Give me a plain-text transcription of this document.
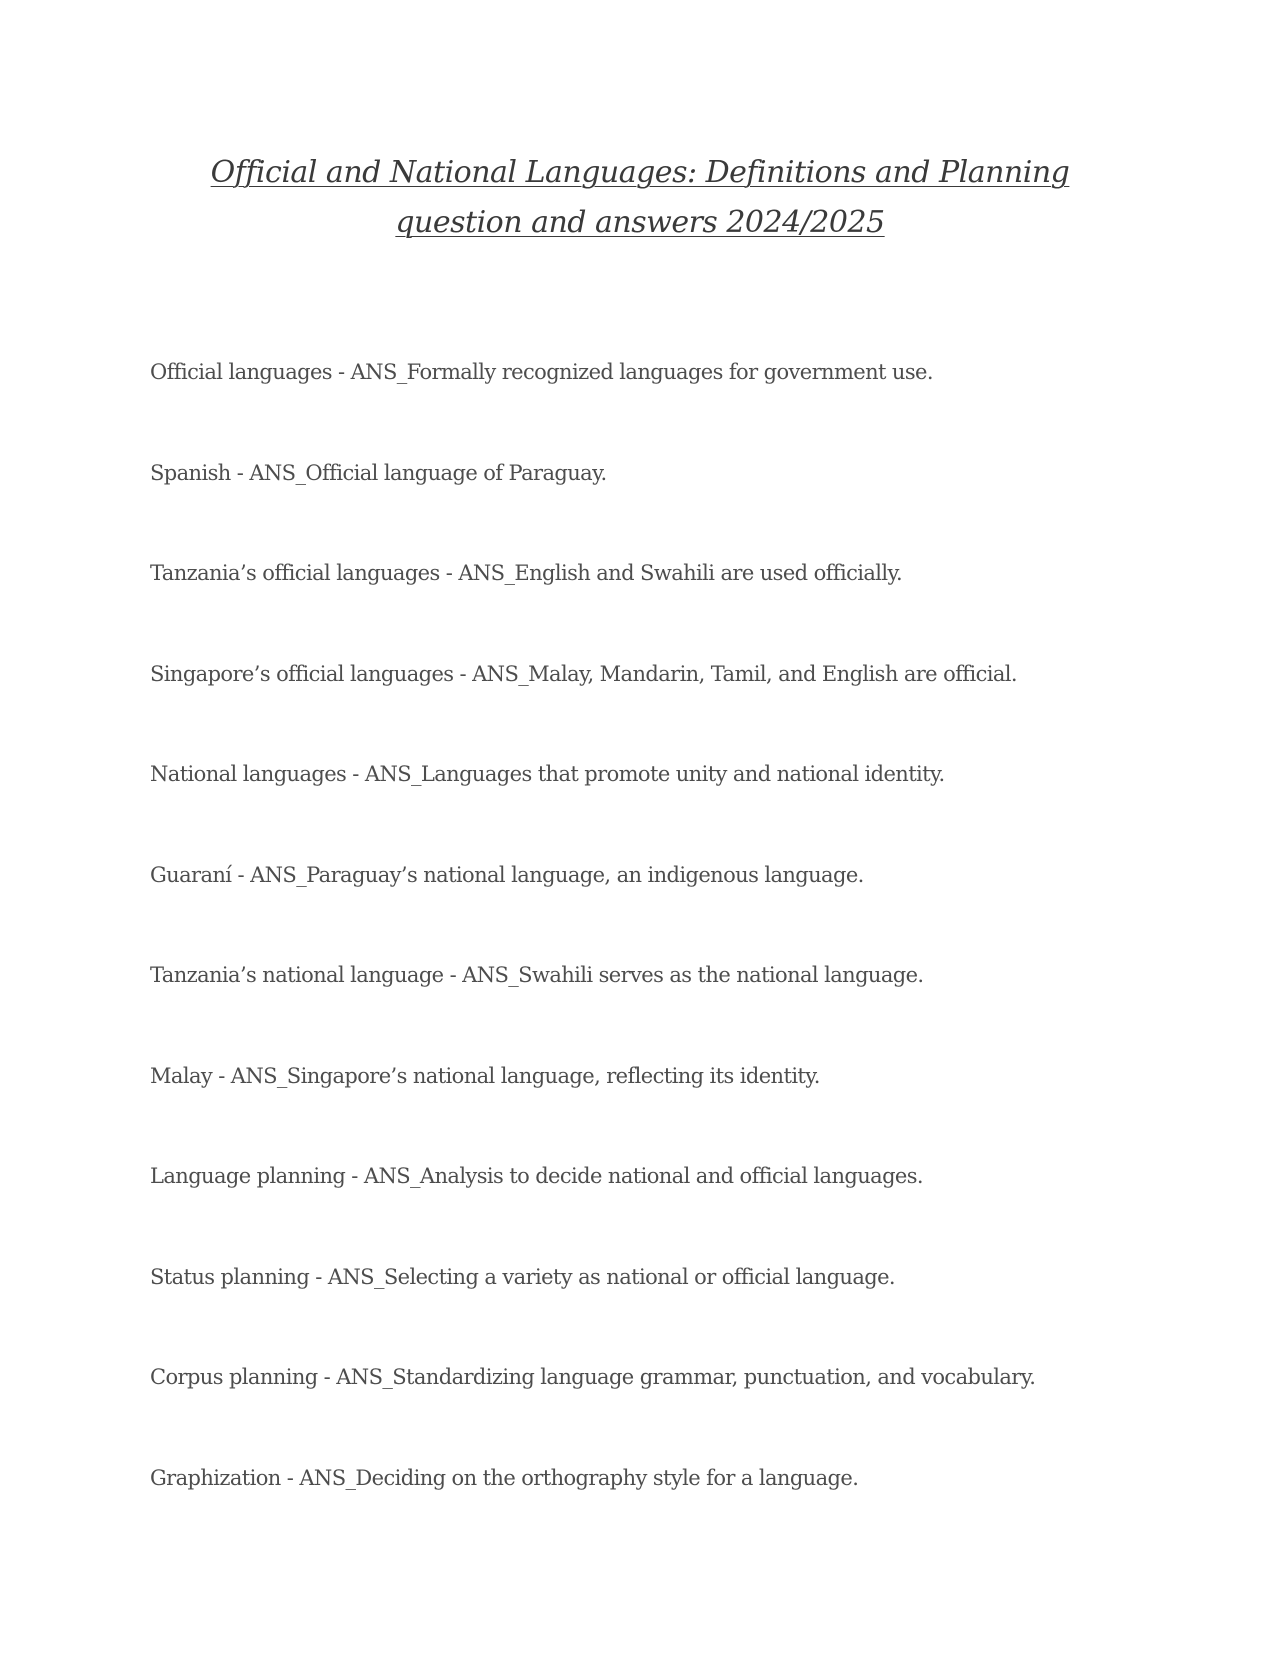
Official and National Languages: Definitions and Planning
question and answers 2024/2025
Official languages - ANS_Formally recognized languages for government use.
Spanish - ANS_Official language of Paraguay.
Tanzania’s official languages - ANS_English and Swahili are used officially.
Singapore’s official languages - ANS_Malay, Mandarin, Tamil, and English are official.
National languages - ANS_Languages that promote unity and national identity.
Guaraní - ANS_Paraguay’s national language, an indigenous language.
Tanzania’s national language - ANS_Swahili serves as the national language.
Malay - ANS_Singapore’s national language, reflecting its identity.
Language planning - ANS_Analysis to decide national and official languages.
Status planning - ANS_Selecting a variety as national or official language.
Corpus planning - ANS_Standardizing language grammar, punctuation, and vocabulary.
Graphization - ANS_Deciding on the orthography style for a language.
